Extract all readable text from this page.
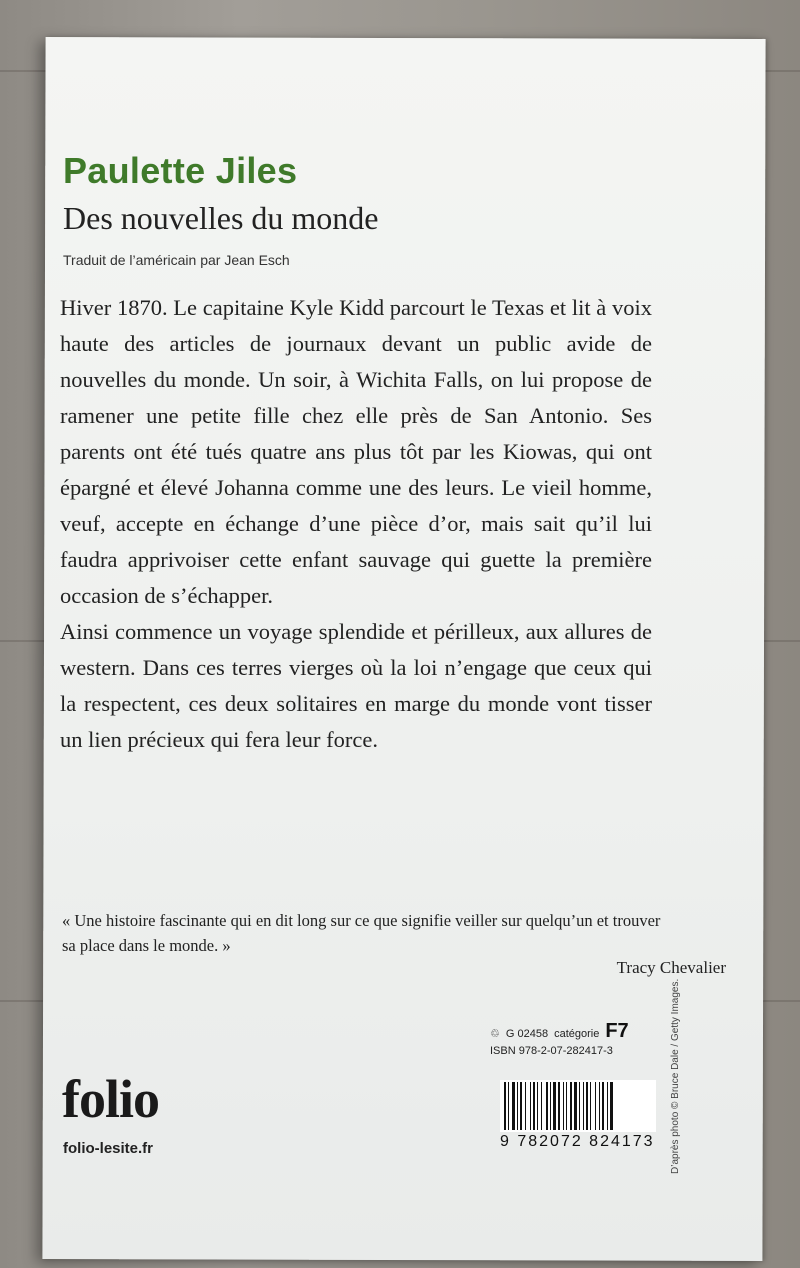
Paulette Jiles
Des nouvelles du monde
Traduit de l’américain par Jean Esch

Hiver 1870. Le capitaine Kyle Kidd parcourt le Texas et lit à voix haute des articles de journaux devant un public avide de nouvelles du monde. Un soir, à Wichita Falls, on lui propose de ramener une petite fille chez elle près de San Antonio. Ses parents ont été tués quatre ans plus tôt par les Kiowas, qui ont épargné et élevé Johanna comme une des leurs. Le vieil homme, veuf, accepte en échange d’une pièce d’or, mais sait qu’il lui faudra apprivoiser cette enfant sauvage qui guette la première occasion de s’échapper.

Ainsi commence un voyage splendide et périlleux, aux allures de western. Dans ces terres vierges où la loi n’engage que ceux qui la respectent, ces deux solitaires en marge du monde vont tisser un lien précieux qui fera leur force.

« Une histoire fascinante qui en dit long sur ce que signifie veiller sur quelqu’un et trouver sa place dans le monde. »
Tracy Chevalier
♲ G 02458 catégorie F7
ISBN 978-2-07-282417-3
9 782072 824173
folio
folio-lesite.fr	D’après photo © Bruce Dale / Getty Images.
